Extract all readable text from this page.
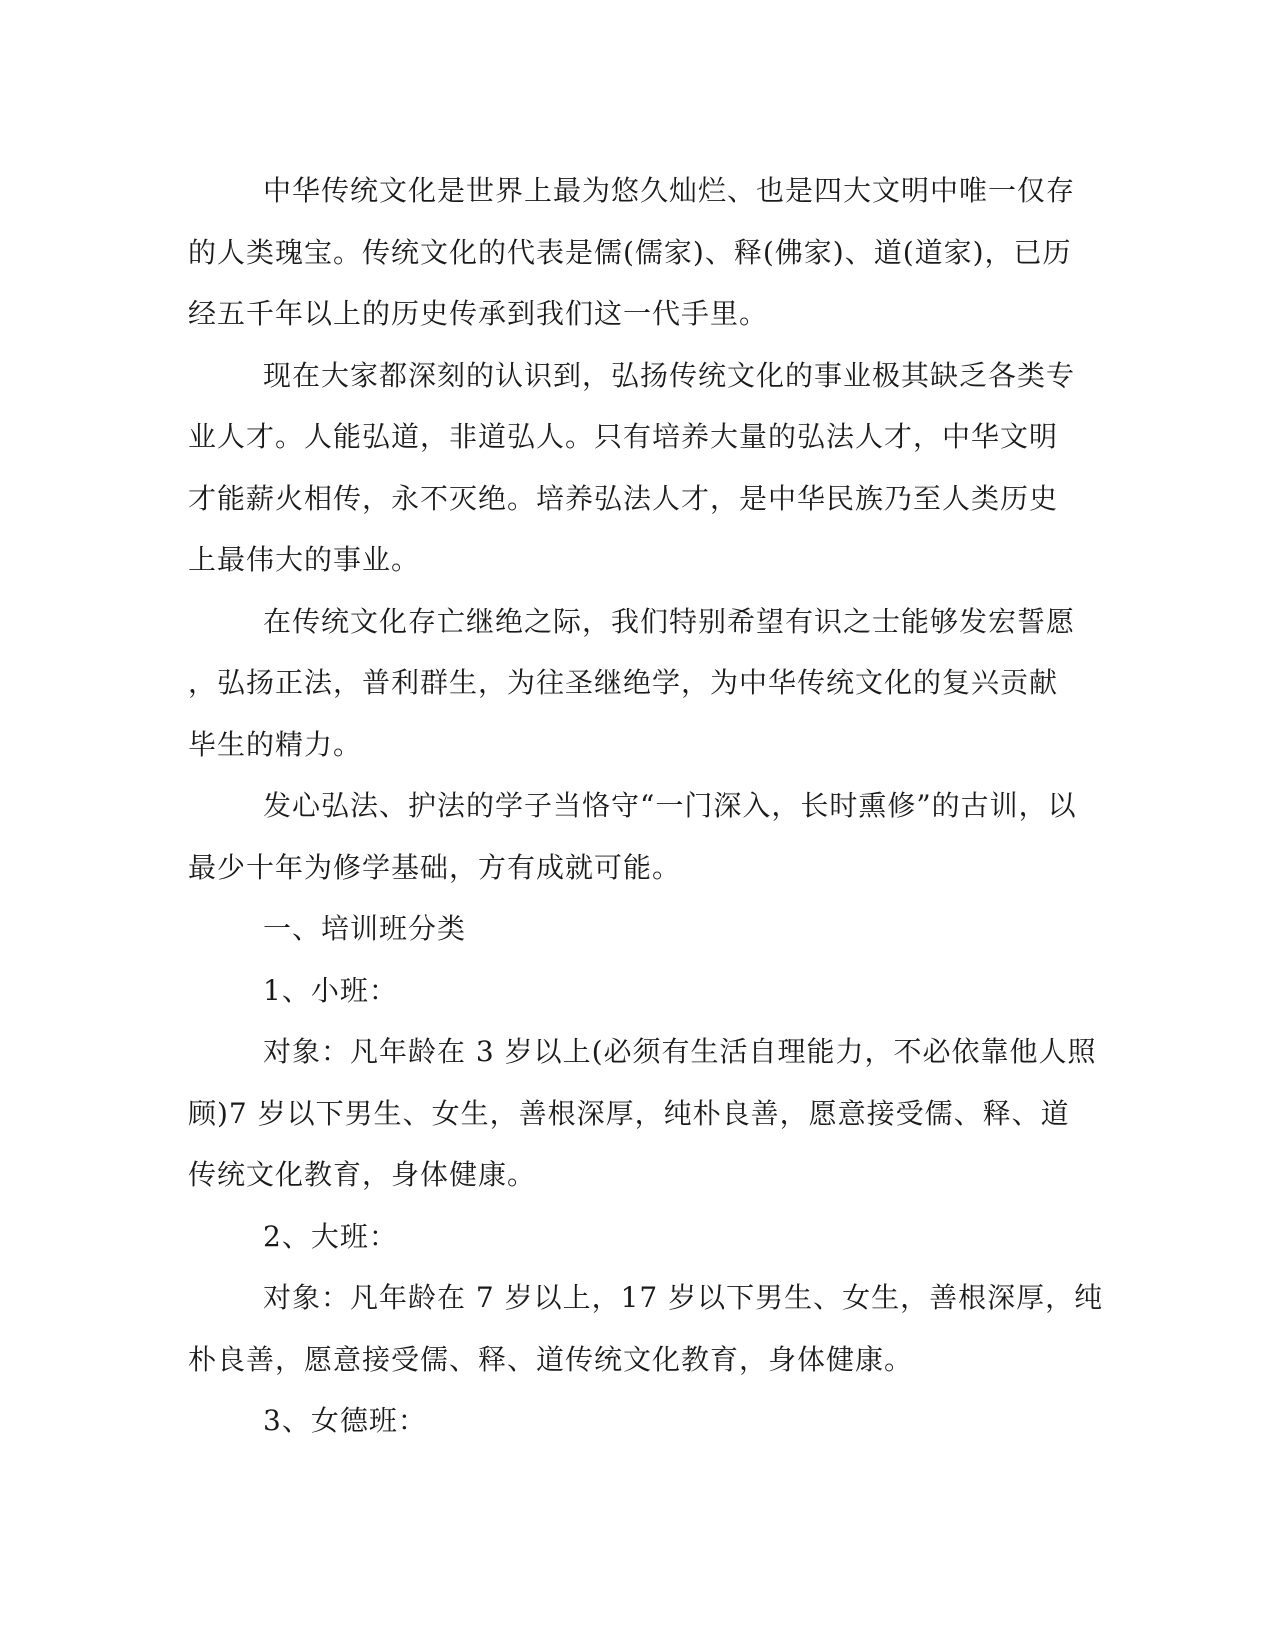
中华传统文化是世界上最为悠久灿烂、也是四大文明中唯一仅存
的人类瑰宝。传统文化的代表是儒(儒家)、释(佛家)、道(道家)，已历
经五千年以上的历史传承到我们这一代手里。
现在大家都深刻的认识到，弘扬传统文化的事业极其缺乏各类专
业人才。人能弘道，非道弘人。只有培养大量的弘法人才，中华文明
才能薪火相传，永不灭绝。培养弘法人才，是中华民族乃至人类历史
上最伟大的事业。
在传统文化存亡继绝之际，我们特别希望有识之士能够发宏誓愿
，弘扬正法，普利群生，为往圣继绝学，为中华传统文化的复兴贡献
毕生的精力。
发心弘法、护法的学子当恪守“一门深入，长时熏修”的古训，以
最少十年为修学基础，方有成就可能。
一、培训班分类
1、小班：
对象：凡年龄在 3 岁以上(必须有生活自理能力，不必依靠他人照
顾)7 岁以下男生、女生，善根深厚，纯朴良善，愿意接受儒、释、道
传统文化教育，身体健康。
2、大班：
对象：凡年龄在 7 岁以上，17 岁以下男生、女生，善根深厚，纯
朴良善，愿意接受儒、释、道传统文化教育，身体健康。
3、女德班：
